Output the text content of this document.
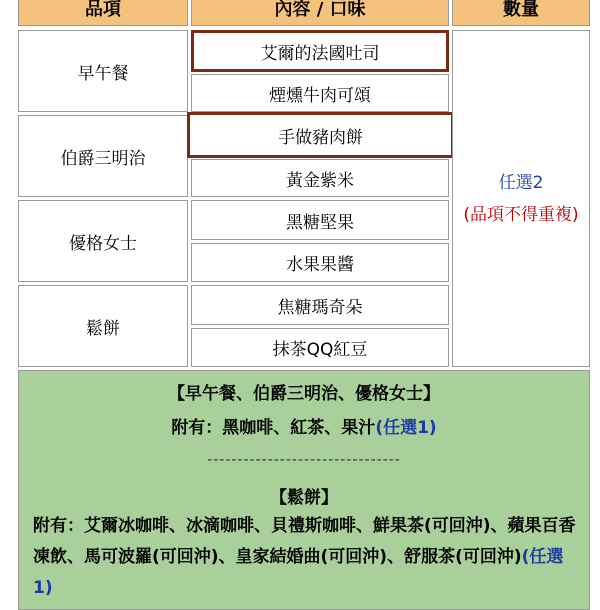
品項	內容 / 口味	數量
早午餐
艾爾的法國吐司
煙燻牛肉可頌
伯爵三明治
手做豬肉餅
黃金紫米
優格女士
黑糖堅果
水果果醬
鬆餅
焦糖瑪奇朵
抹茶QQ紅豆
任選2
(品項不得重複)
【早午餐、伯爵三明治、優格女士】
附有：黑咖啡、紅茶、果汁(任選1)
--------------------------------
【鬆餅】
附有：艾爾冰咖啡、冰滴咖啡、貝禮斯咖啡、鮮果茶(可回沖)、蘋果百香凍飲、馬可波羅(可回沖)、皇家結婚曲(可回沖)、舒服茶(可回沖)(任選1)
